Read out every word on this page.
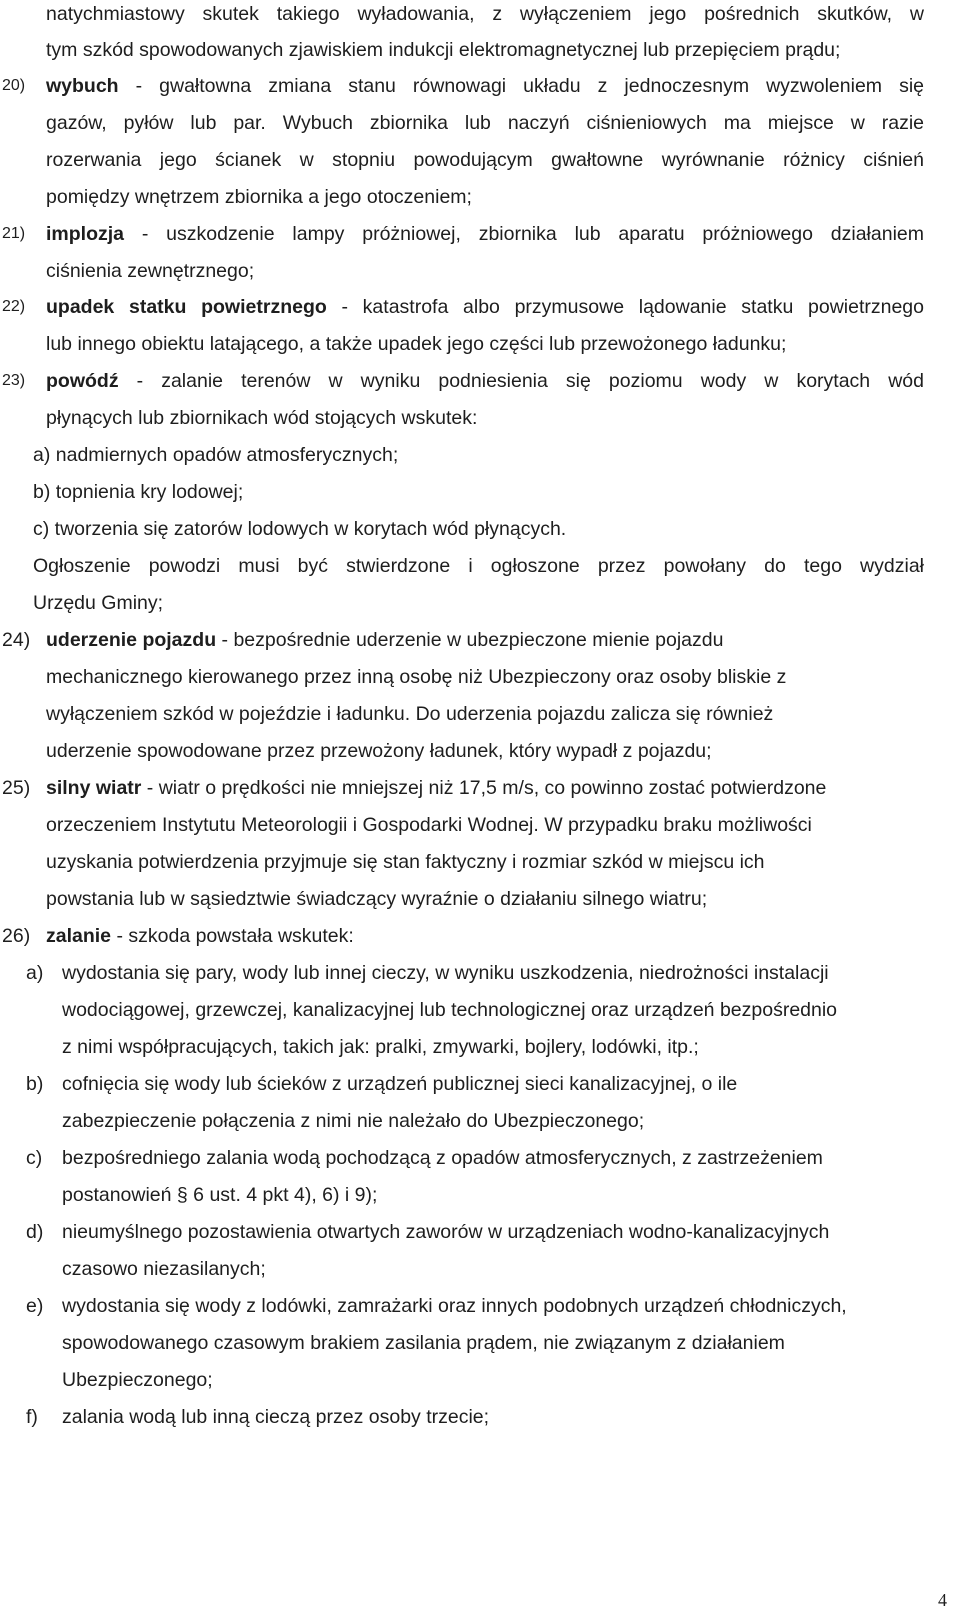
natychmiastowy skutek takiego wyładowania, z wyłączeniem jego pośrednich skutków, w

tym szkód spowodowanych zjawiskiem indukcji elektromagnetycznej lub przepięciem prądu;

20) wybuch - gwałtowna zmiana stanu równowagi układu z jednoczesnym wyzwoleniem się

gazów, pyłów lub par. Wybuch zbiornika lub naczyń ciśnieniowych ma miejsce w razie

rozerwania jego ścianek w stopniu powodującym gwałtowne wyrównanie różnicy ciśnień

pomiędzy wnętrzem zbiornika a jego otoczeniem;

21) implozja - uszkodzenie lampy próżniowej, zbiornika lub aparatu próżniowego działaniem

ciśnienia zewnętrznego;

22) upadek statku powietrznego - katastrofa albo przymusowe lądowanie statku powietrznego

lub innego obiektu latającego, a także upadek jego części lub przewożonego ładunku;

23) powódź - zalanie terenów w wyniku podniesienia się poziomu wody w korytach wód

płynących lub zbiornikach wód stojących wskutek:

a) nadmiernych opadów atmosferycznych;

b) topnienia kry lodowej;

c) tworzenia się zatorów lodowych w korytach wód płynących.

Ogłoszenie powodzi musi być stwierdzone i ogłoszone przez powołany do tego wydział

Urzędu Gminy;

24) uderzenie pojazdu - bezpośrednie uderzenie w ubezpieczone mienie pojazdu

mechanicznego kierowanego przez inną osobę niż Ubezpieczony oraz osoby bliskie z

wyłączeniem szkód w pojeździe i ładunku. Do uderzenia pojazdu zalicza się również

uderzenie spowodowane przez przewożony ładunek, który wypadł z pojazdu;

25) silny wiatr - wiatr o prędkości nie mniejszej niż 17,5 m/s, co powinno zostać potwierdzone

orzeczeniem Instytutu Meteorologii i Gospodarki Wodnej. W przypadku braku możliwości

uzyskania potwierdzenia przyjmuje się stan faktyczny i rozmiar szkód w miejscu ich

powstania lub w sąsiedztwie świadczący wyraźnie o działaniu silnego wiatru;

26) zalanie - szkoda powstała wskutek:

a) wydostania się pary, wody lub innej cieczy, w wyniku uszkodzenia, niedrożności instalacji

wodociągowej, grzewczej, kanalizacyjnej lub technologicznej oraz urządzeń bezpośrednio

z nimi współpracujących, takich jak: pralki, zmywarki, bojlery, lodówki, itp.;

b) cofnięcia się wody lub ścieków z urządzeń publicznej sieci kanalizacyjnej, o ile

zabezpieczenie połączenia z nimi nie należało do Ubezpieczonego;

c) bezpośredniego zalania wodą pochodzącą z opadów atmosferycznych, z zastrzeżeniem

postanowień § 6 ust. 4 pkt 4), 6) i 9);

d) nieumyślnego pozostawienia otwartych zaworów w urządzeniach wodno-kanalizacyjnych

czasowo niezasilanych;

e) wydostania się wody z lodówki, zamrażarki oraz innych podobnych urządzeń chłodniczych,

spowodowanego czasowym brakiem zasilania prądem, nie związanym z działaniem

Ubezpieczonego;

f) zalania wodą lub inną cieczą przez osoby trzecie;

4
